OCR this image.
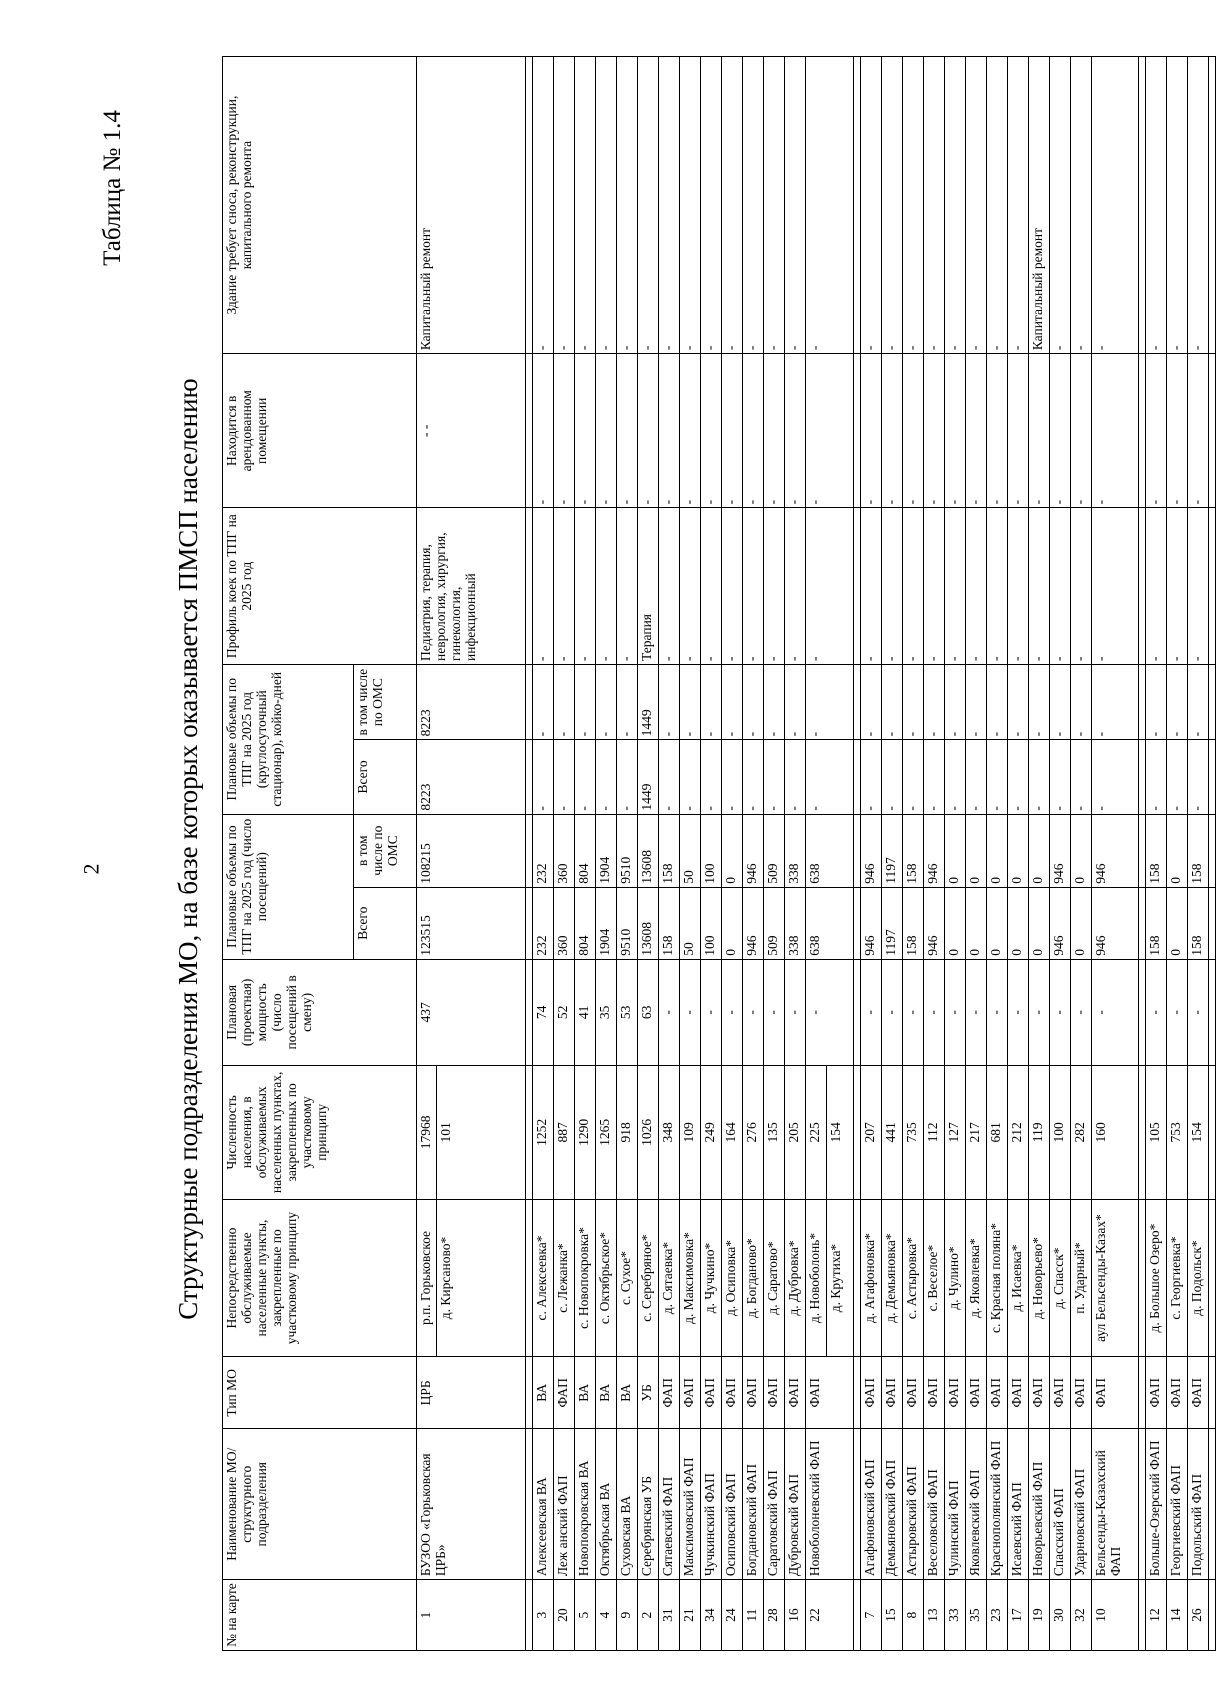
2	Структурные подразделения МО, на базе которых оказывается ПМСП населению
Таблица № 1.4
№ на карте	Наименование МО/ структурного подразделения	Тип МО	Непосредственно обслуживаемые населенные пункты, закрепленные по участковому принципу	Численность населения, в обслуживаемых населенных пунктах, закрепленных по участковому принципу	Плановая (проектная) мощность (число посещений в смену)	Плановые объемы по ТПГ на 2025 год (число посещений)		Плановые объемы по ТПГ на 2025 год (круглосуточный стационар), койко-дней		Профиль коек по ТПГ на 2025 год	Находится в арендованном помещении	Здание требует сноса, реконструкции, капитального ремонта
						Всего	в том числе по ОМС	Всего	в том числе по ОМС			
1	БУЗОО «Горьковская ЦРБ»	ЦРБ	р.п. Горьковское	17968	437	123515	108215	8223	8223	Педиатрия, терапия, неврология, хирургия, гинекология, инфекционный	- -	Капитальный ремонт
			д. Кирсаново*	101								

3	Алексеевская ВА	ВА	с. Алексеевка*	1252	74	232	232	-	-	-	-	-
20	Леж анский ФАП	ФАП	с. Лежанка*	887	52	360	360	-	-	-	-	-
5	Новопокровская ВА	ВА	с. Новопокровка*	1290	41	804	804	-	-	-	-	-
4	Октябрьская ВА	ВА	с. Октябрьское*	1265	35	1904	1904	-	-	-	-	-
9	Суховская ВА	ВА	с. Сухое*	918	53	9510	9510	-	-	-	-	-
2	Серебрянская УБ	УБ	с. Серебряное*	1026	63	13608	13608	1449	1449	Терапия	-	-
31	Сятаевский ФАП	ФАП	д. Сятаевка*	348	-	158	158	-	-	-	-	-
21	Максимовский ФАП	ФАП	д. Максимовка*	109	-	50	50	-	-	-	-	-
34	Чучкинский ФАП	ФАП	д. Чучкино*	249	-	100	100	-	-	-	-	-
24	Осиповский ФАП	ФАП	д. Осиповка*	164	-	0	0	-	-	-	-	-
11	Богдановский ФАП	ФАП	д. Богданово*	276	-	946	946	-	-	-	-	-
28	Саратовский ФАП	ФАП	д. Саратово*	135	-	509	509	-	-	-	-	-
16	Дубровский ФАП	ФАП	д. Дубровка*	205	-	338	338	-	-	-	-	-
22	Новоболоневский ФАП	ФАП	д. Новоболонь*	225	-	638	638	-	-	-	-	-
			д. Крутиха*	154								

7	Агафоновский ФАП	ФАП	д. Агафоновка*	207	-	946	946	-	-	-	-	-
15	Демьяновский ФАП	ФАП	д. Демьяновка*	441	-	1197	1197	-	-	-	-	-
8	Астыровский ФАП	ФАП	с. Астыровка*	735	-	158	158	-	-	-	-	-
13	Веселовский ФАП	ФАП	с. Веселое*	112	-	946	946	-	-	-	-	-
33	Чулинский ФАП	ФАП	д. Чулино*	127	-	0	0	-	-	-	-	-
35	Яковлевский ФАП	ФАП	д. Яковлевка*	217	-	0	0	-	-	-	-	-
23	Краснополянский ФАП	ФАП	с. Красная поляна*	681	-	0	0	-	-	-	-	-
17	Исаевский ФАП	ФАП	д. Исаевка*	212	-	0	0	-	-	-	-	-
19	Новорьевский ФАП	ФАП	д. Новорьево*	119	-	0	0	-	-	-	-	Капитальный ремонт
30	Спасский ФАП	ФАП	д. Спасск*	100	-	946	946	-	-	-	-	-
32	Ударновский ФАП	ФАП	п. Ударный*	282	-	0	0	-	-	-	-	-
10	Бельсенды-Казахский ФАП	ФАП	аул Бельсенды-Казах*	160	-	946	946	-	-	-	-	-

12	Больше-Озерский ФАП	ФАП	д. Большое Озеро*	105	-	158	158	-	-	-	-	-
14	Георгиевский ФАП	ФАП	с. Георгиевка*	753	-	0	0	-	-	-	-	-
26	Подольский ФАП	ФАП	д. Подольск*	154	-	158	158	-	-	-	-	-
